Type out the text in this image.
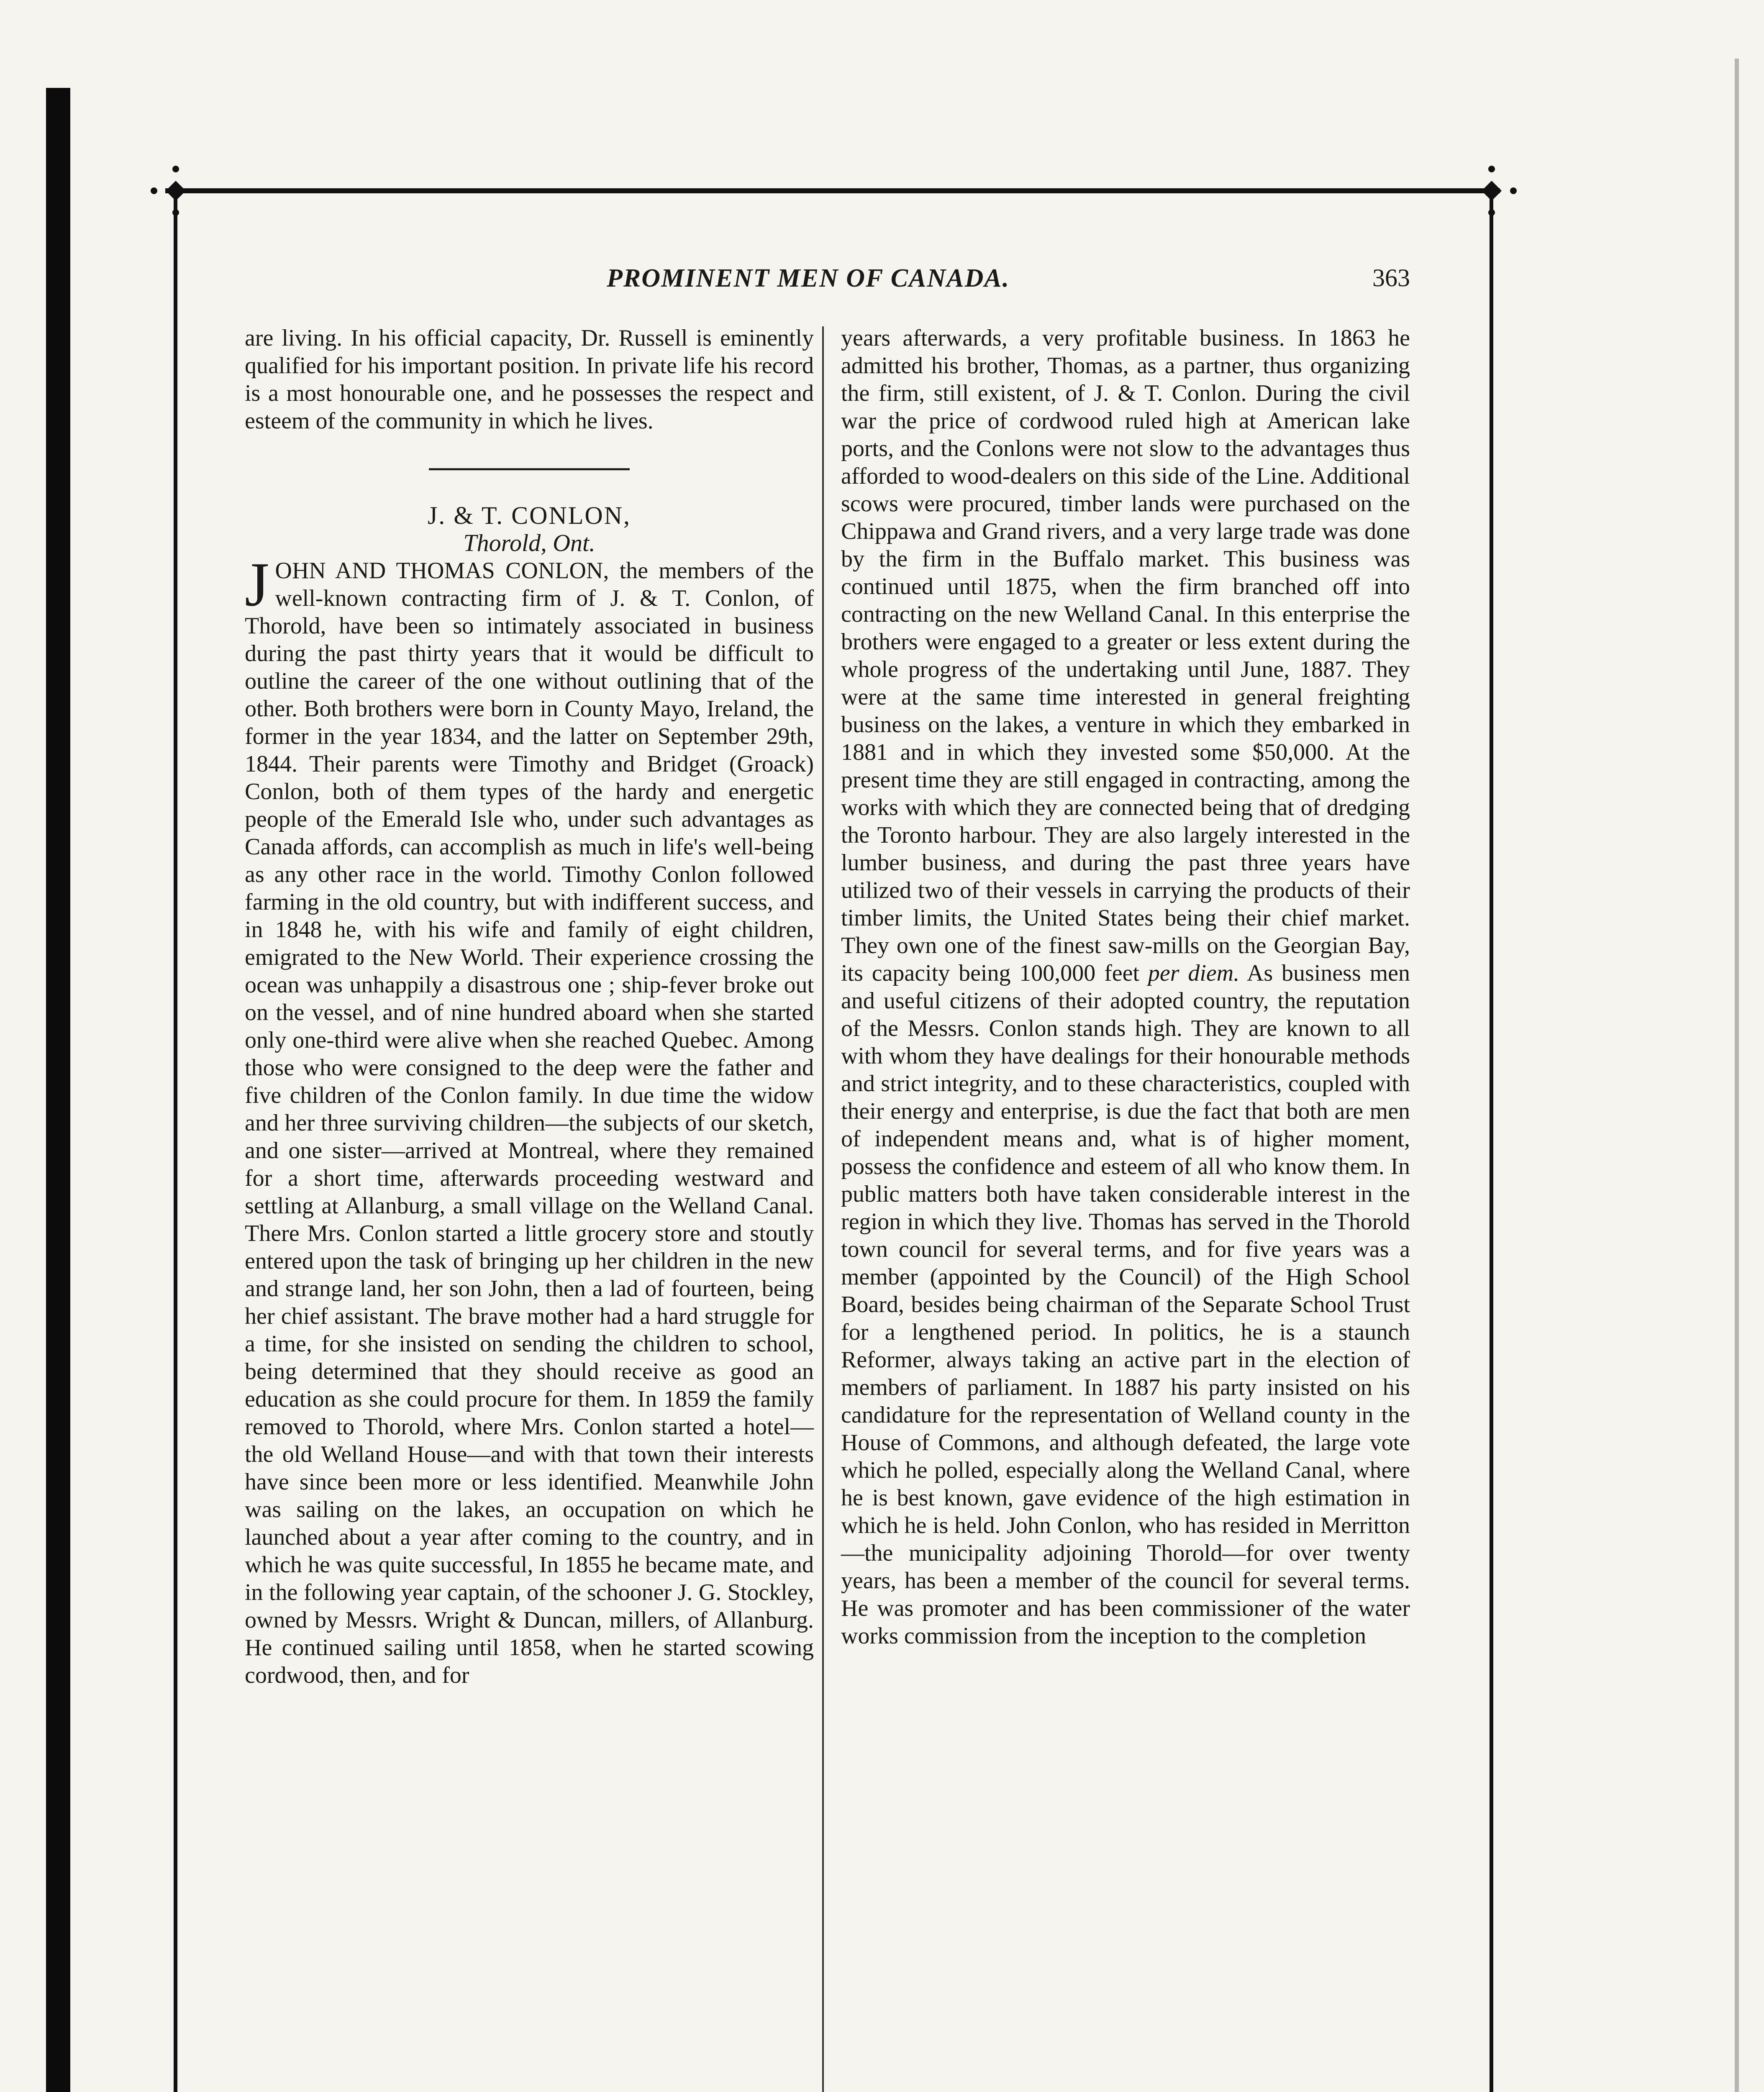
PROMINENT MEN OF CANADA.	363

are living. In his official capacity, Dr. Russell is eminently qualified for his important position. In private life his record is a most honourable one, and he possesses the respect and esteem of the community in which he lives.

J. & T. CONLON,

Thorold, Ont.

JOHN AND THOMAS CONLON, the members of the well-known contracting firm of J. & T. Conlon, of Thorold, have been so intimately associated in business during the past thirty years that it would be difficult to outline the career of the one without outlining that of the other. Both brothers were born in County Mayo, Ireland, the former in the year 1834, and the latter on September 29th, 1844. Their parents were Timothy and Bridget (Groack) Conlon, both of them types of the hardy and energetic people of the Emerald Isle who, under such advantages as Canada affords, can accomplish as much in life's well-being as any other race in the world. Timothy Conlon followed farming in the old country, but with indifferent success, and in 1848 he, with his wife and family of eight children, emigrated to the New World. Their experience crossing the ocean was unhappily a disastrous one ; ship-fever broke out on the vessel, and of nine hundred aboard when she started only one-third were alive when she reached Quebec. Among those who were consigned to the deep were the father and five children of the Conlon family. In due time the widow and her three surviving children—the subjects of our sketch, and one sister—arrived at Montreal, where they remained for a short time, afterwards proceeding westward and settling at Allanburg, a small village on the Welland Canal. There Mrs. Conlon started a little grocery store and stoutly entered upon the task of bringing up her children in the new and strange land, her son John, then a lad of fourteen, being her chief assistant. The brave mother had a hard struggle for a time, for she insisted on sending the children to school, being determined that they should receive as good an education as she could procure for them. In 1859 the family removed to Thorold, where Mrs. Conlon started a hotel—the old Welland House—and with that town their interests have since been more or less identified. Meanwhile John was sailing on the lakes, an occupation on which he launched about a year after coming to the country, and in which he was quite successful, In 1855 he became mate, and in the following year captain, of the schooner J. G. Stockley, owned by Messrs. Wright & Duncan, millers, of Allanburg. He continued sailing until 1858, when he started scowing cordwood, then, and for

years afterwards, a very profitable business. In 1863 he admitted his brother, Thomas, as a partner, thus organizing the firm, still existent, of J. & T. Conlon. During the civil war the price of cordwood ruled high at American lake ports, and the Conlons were not slow to the advantages thus afforded to wood-dealers on this side of the Line. Additional scows were procured, timber lands were purchased on the Chippawa and Grand rivers, and a very large trade was done by the firm in the Buffalo market. This business was continued until 1875, when the firm branched off into contracting on the new Welland Canal. In this enterprise the brothers were engaged to a greater or less extent during the whole progress of the undertaking until June, 1887. They were at the same time interested in general freighting business on the lakes, a venture in which they embarked in 1881 and in which they invested some $50,000. At the present time they are still engaged in contracting, among the works with which they are connected being that of dredging the Toronto harbour. They are also largely interested in the lumber business, and during the past three years have utilized two of their vessels in carrying the products of their timber limits, the United States being their chief market. They own one of the finest saw-mills on the Georgian Bay, its capacity being 100,000 feet per diem. As business men and useful citizens of their adopted country, the reputation of the Messrs. Conlon stands high. They are known to all with whom they have dealings for their honourable methods and strict integrity, and to these characteristics, coupled with their energy and enterprise, is due the fact that both are men of independent means and, what is of higher moment, possess the confidence and esteem of all who know them. In public matters both have taken considerable interest in the region in which they live. Thomas has served in the Thorold town council for several terms, and for five years was a member (appointed by the Council) of the High School Board, besides being chairman of the Separate School Trust for a lengthened period. In politics, he is a staunch Reformer, always taking an active part in the election of members of parliament. In 1887 his party insisted on his candidature for the representation of Welland county in the House of Commons, and although defeated, the large vote which he polled, especially along the Welland Canal, where he is best known, gave evidence of the high estimation in which he is held. John Conlon, who has resided in Merritton—the municipality adjoining Thorold—for over twenty years, has been a member of the council for several terms. He was promoter and has been commissioner of the water works commission from the inception to the completion
